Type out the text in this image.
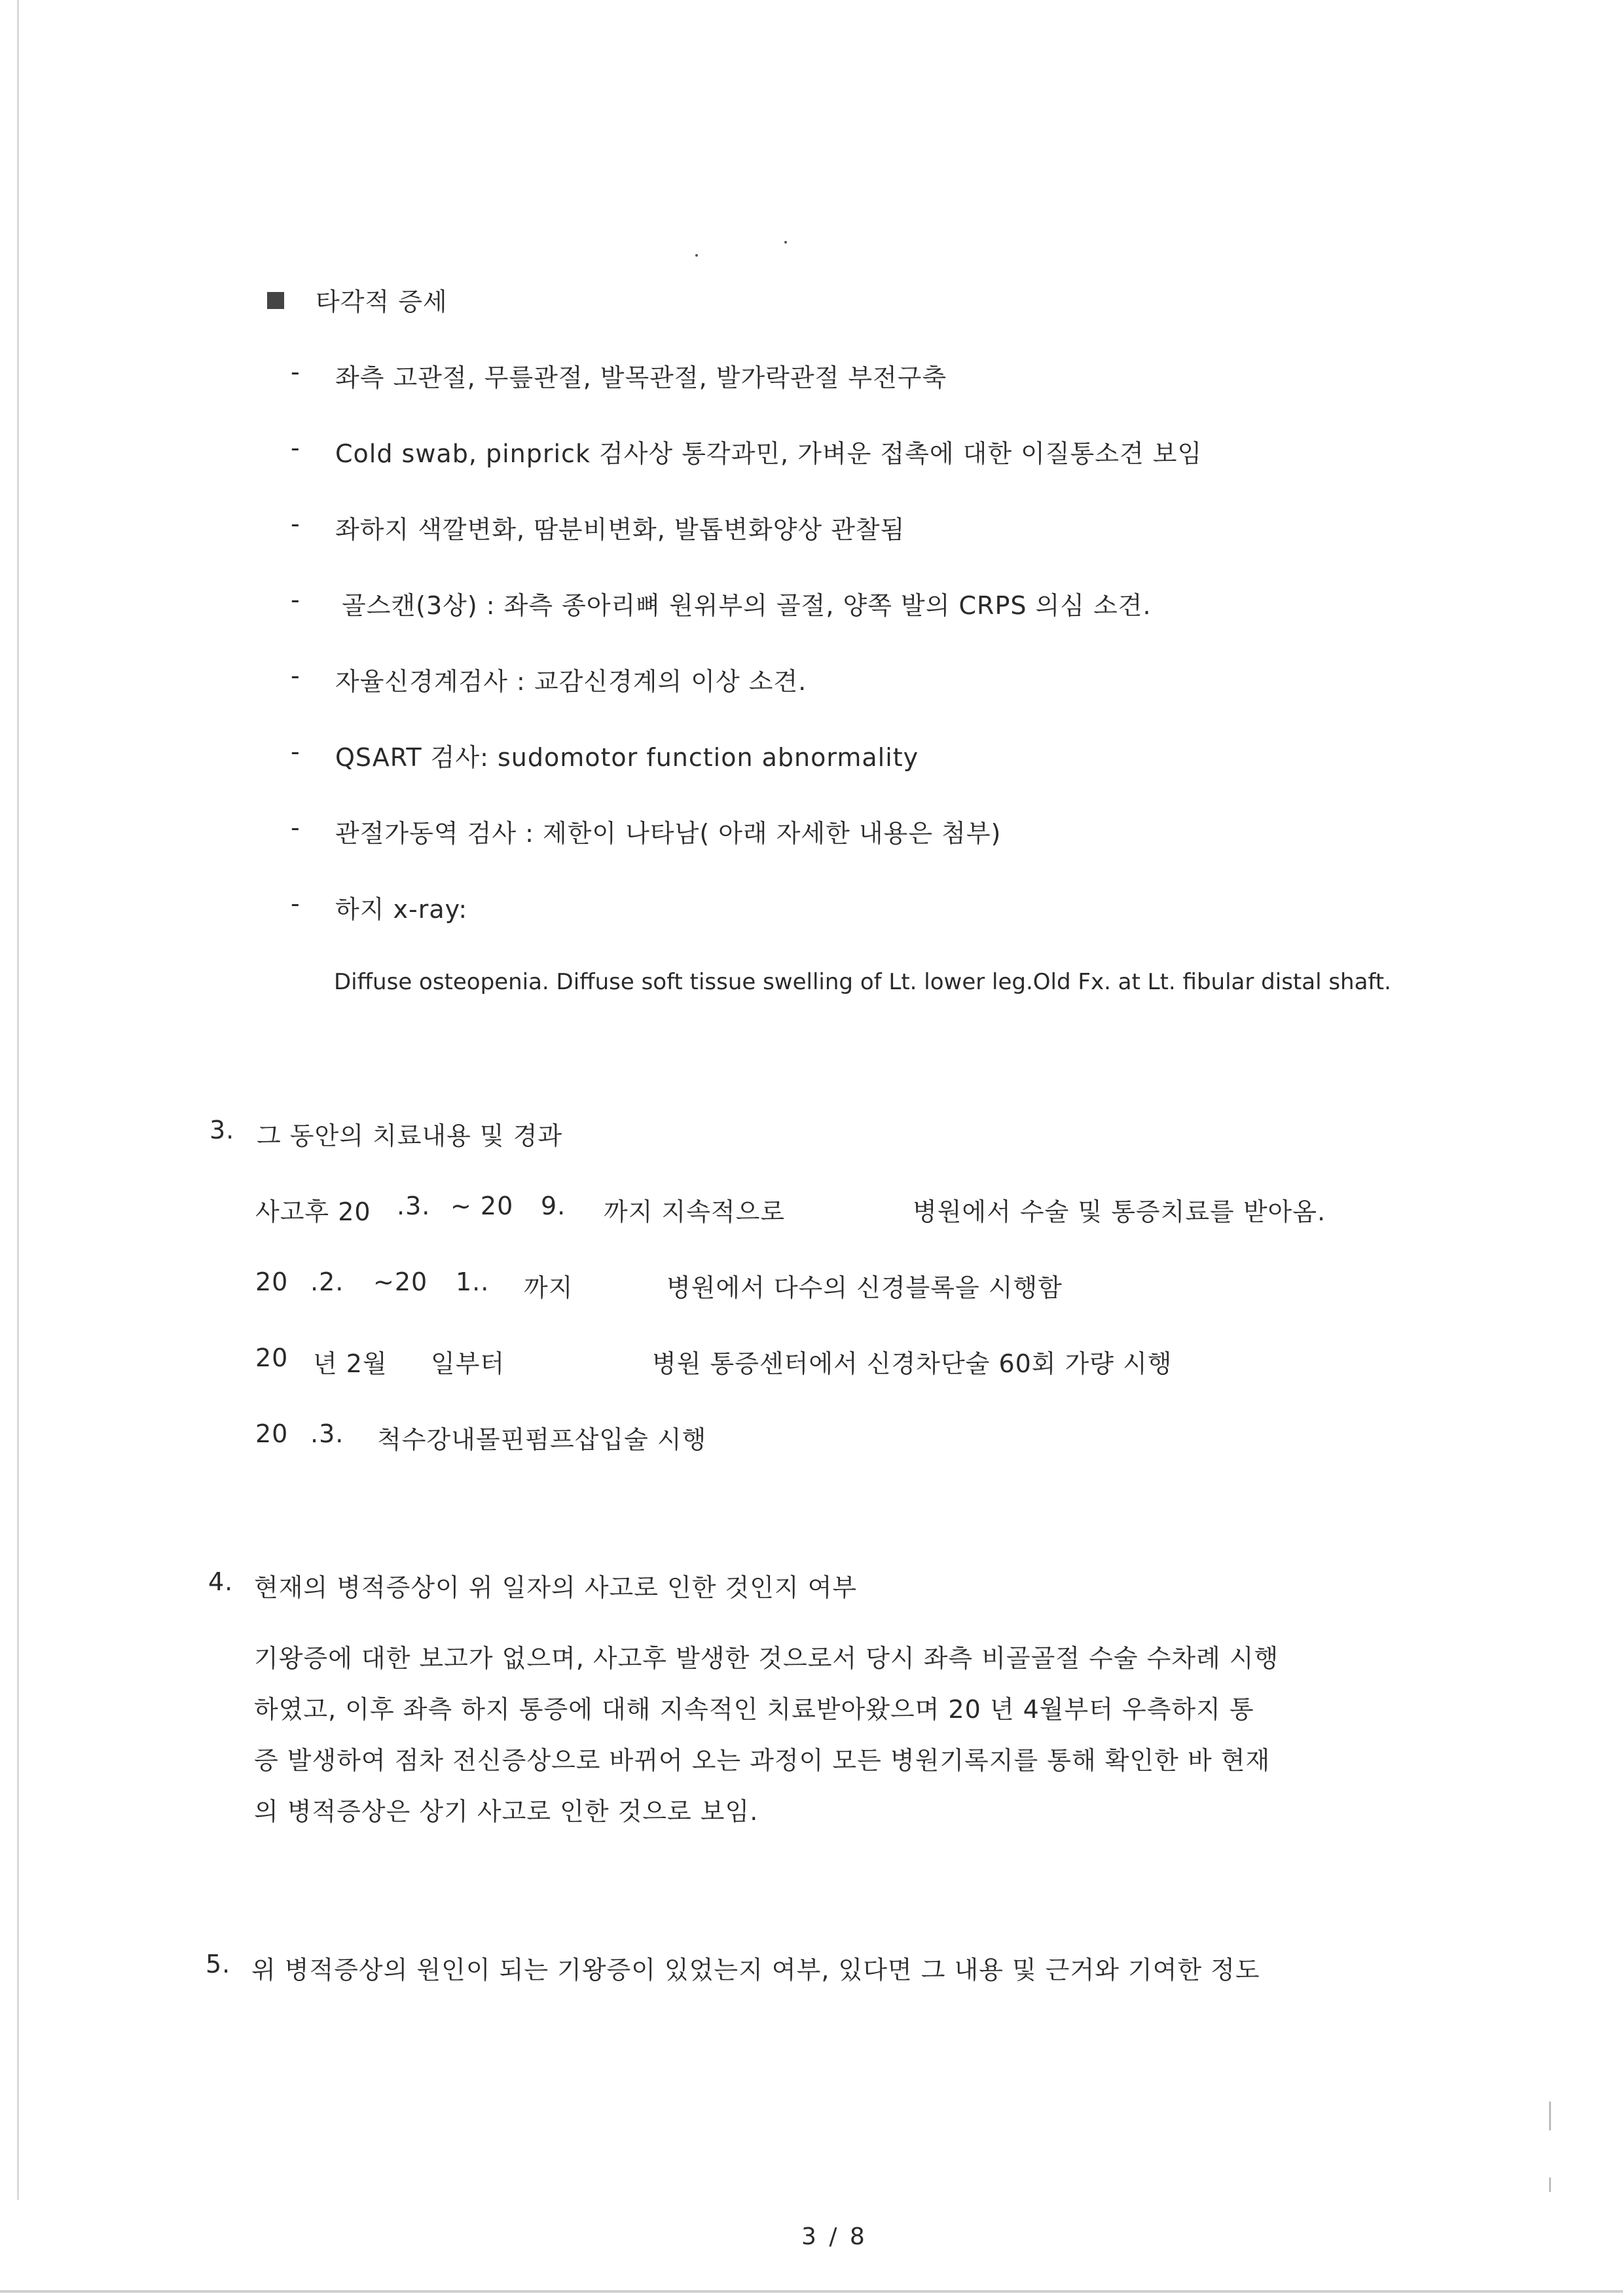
타각적 증세
- 좌측 고관절, 무릎관절, 발목관절, 발가락관절 부전구축
- Cold swab, pinprick 검사상 통각과민, 가벼운 접촉에 대한 이질통소견 보임
- 좌하지 색깔변화, 땀분비변화, 발톱변화양상 관찰됨
- 골스캔(3상) : 좌측 종아리뼈 원위부의 골절, 양쪽 발의 CRPS 의심 소견.
- 자율신경계검사 : 교감신경계의 이상 소견.
- QSART 검사: sudomotor function abnormality
- 관절가동역 검사 : 제한이 나타남( 아래 자세한 내용은 첨부)
- 하지 x-ray:
Diffuse osteopenia. Diffuse soft tissue swelling of Lt. lower leg.Old Fx. at Lt. fibular distal shaft.
3. 그 동안의 치료내용 및 경과
사고후 20 .3. ~ 20 9. 까지 지속적으로	병원에서 수술 및 통증치료를 받아옴.
20 .2. ~20 1.. 까지	병원에서 다수의 신경블록을 시행함
20 년 2월 일부터	병원 통증센터에서 신경차단술 60회 가량 시행
20 .3. 척수강내몰핀펌프삽입술 시행
4. 현재의 병적증상이 위 일자의 사고로 인한 것인지 여부
기왕증에 대한 보고가 없으며, 사고후 발생한 것으로서 당시 좌측 비골골절 수술 수차례 시행
하였고, 이후 좌측 하지 통증에 대해 지속적인 치료받아왔으며 20 년 4월부터 우측하지 통
증 발생하여 점차 전신증상으로 바뀌어 오는 과정이 모든 병원기록지를 통해 확인한 바 현재
의 병적증상은 상기 사고로 인한 것으로 보임.
5. 위 병적증상의 원인이 되는 기왕증이 있었는지 여부, 있다면 그 내용 및 근거와 기여한 정도
3 / 8
